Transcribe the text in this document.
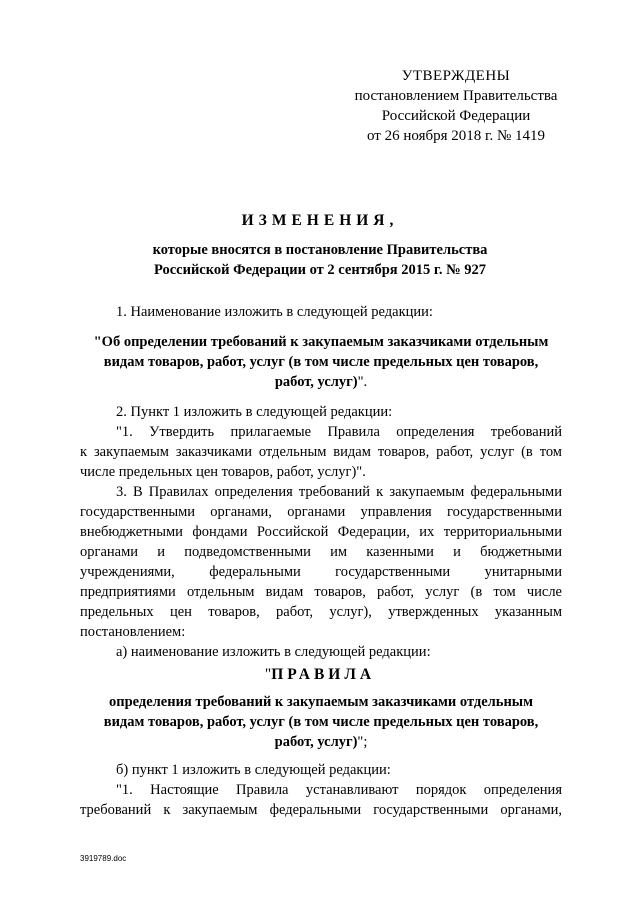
УТВЕРЖДЕНЫ
постановлением Правительства
Российской Федерации
от 26 ноября 2018 г. № 1419
ИЗМЕНЕНИЯ,
которые вносятся в постановление Правительства
Российской Федерации от 2 сентября 2015 г. № 927
1. Наименование изложить в следующей редакции:
"Об определении требований к закупаемым заказчиками отдельным
видам товаров, работ, услуг (в том числе предельных цен товаров,
работ, услуг)".
2. Пункт 1 изложить в следующей редакции:
"1. Утвердить прилагаемые Правила определения требований
к закупаемым заказчиками отдельным видам товаров, работ, услуг (в том
числе предельных цен товаров, работ, услуг)".
3. В Правилах определения требований к закупаемым федеральными
государственными органами, органами управления государственными
внебюджетными фондами Российской Федерации, их территориальными
органами и подведомственными им казенными и бюджетными
учреждениями, федеральными государственными унитарными
предприятиями отдельным видам товаров, работ, услуг (в том числе
предельных цен товаров, работ, услуг), утвержденных указанным
постановлением:
а) наименование изложить в следующей редакции:
"ПРАВИЛА
определения требований к закупаемым заказчиками отдельным
видам товаров, работ, услуг (в том числе предельных цен товаров,
работ, услуг)";
б) пункт 1 изложить в следующей редакции:
"1. Настоящие Правила устанавливают порядок определения
требований к закупаемым федеральными государственными органами,
3919789.doc
